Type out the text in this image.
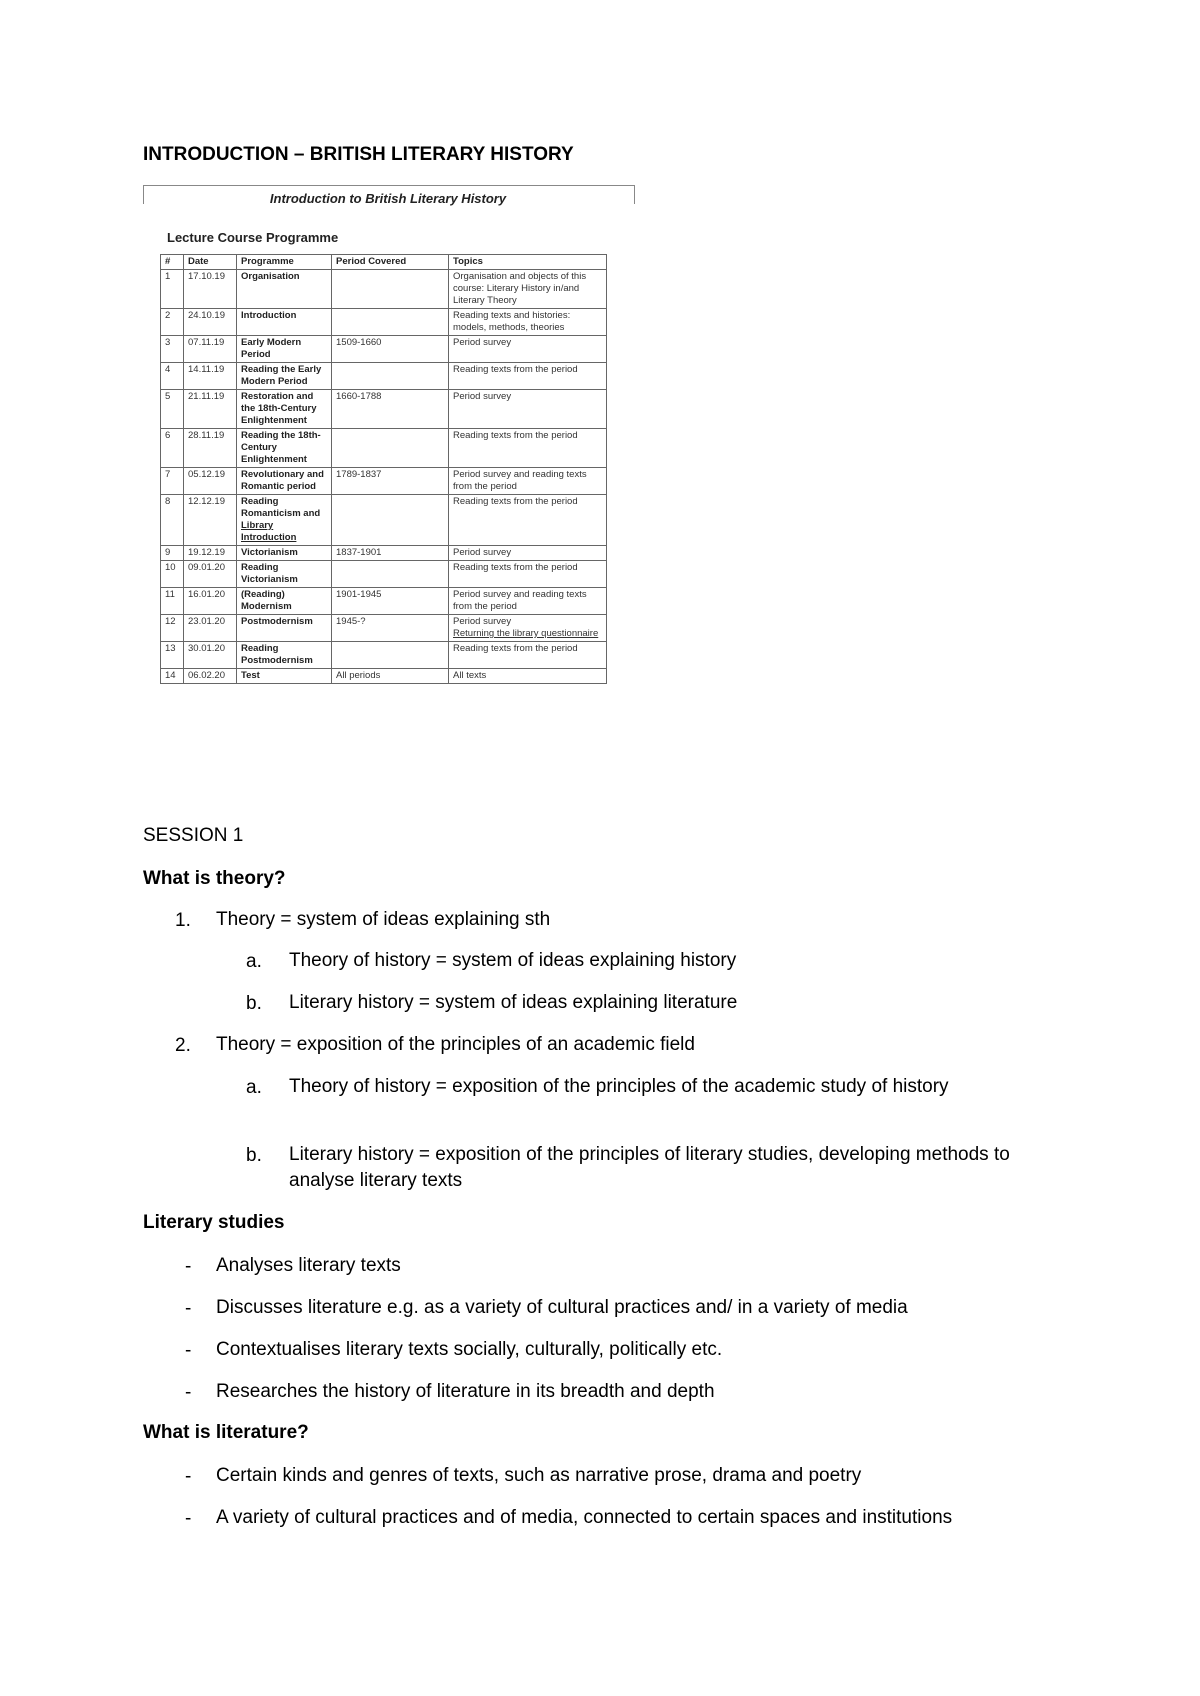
INTRODUCTION – BRITISH LITERARY HISTORY
Introduction to British Literary History
Lecture Course Programme
#	Date	Programme	Period Covered	Topics
1	17.10.19	Organisation		Organisation and objects of this course: Literary History in/and Literary Theory
2	24.10.19	Introduction		Reading texts and histories: models, methods, theories
3	07.11.19	Early Modern Period	1509-1660	Period survey
4	14.11.19	Reading the Early Modern Period		Reading texts from the period
5	21.11.19	Restoration and the 18th-Century Enlightenment	1660-1788	Period survey
6	28.11.19	Reading the 18th-Century Enlightenment		Reading texts from the period
7	05.12.19	Revolutionary and Romantic period	1789-1837	Period survey and reading texts from the period
8	12.12.19	Reading Romanticism and Library Introduction		Reading texts from the period
9	19.12.19	Victorianism	1837-1901	Period survey
10	09.01.20	Reading Victorianism		Reading texts from the period
11	16.01.20	(Reading) Modernism	1901-1945	Period survey and reading texts from the period
12	23.01.20	Postmodernism	1945-?	Period survey
Returning the library questionnaire

13	30.01.20	Reading Postmodernism		Reading texts from the period
14	06.02.20	Test	All periods	All texts
SESSION 1
What is theory?
1. Theory = system of ideas explaining sth
a. Theory of history = system of ideas explaining history
b. Literary history = system of ideas explaining literature
2. Theory = exposition of the principles of an academic field
a. Theory of history = exposition of the principles of the academic study of history
b. Literary history = exposition of the principles of literary studies, developing methods to analyse literary texts
Literary studies
- Analyses literary texts
- Discusses literature e.g. as a variety of cultural practices and/ in a variety of media
- Contextualises literary texts socially, culturally, politically etc.
- Researches the history of literature in its breadth and depth
What is literature?
- Certain kinds and genres of texts, such as narrative prose, drama and poetry
- A variety of cultural practices and of media, connected to certain spaces and institutions
